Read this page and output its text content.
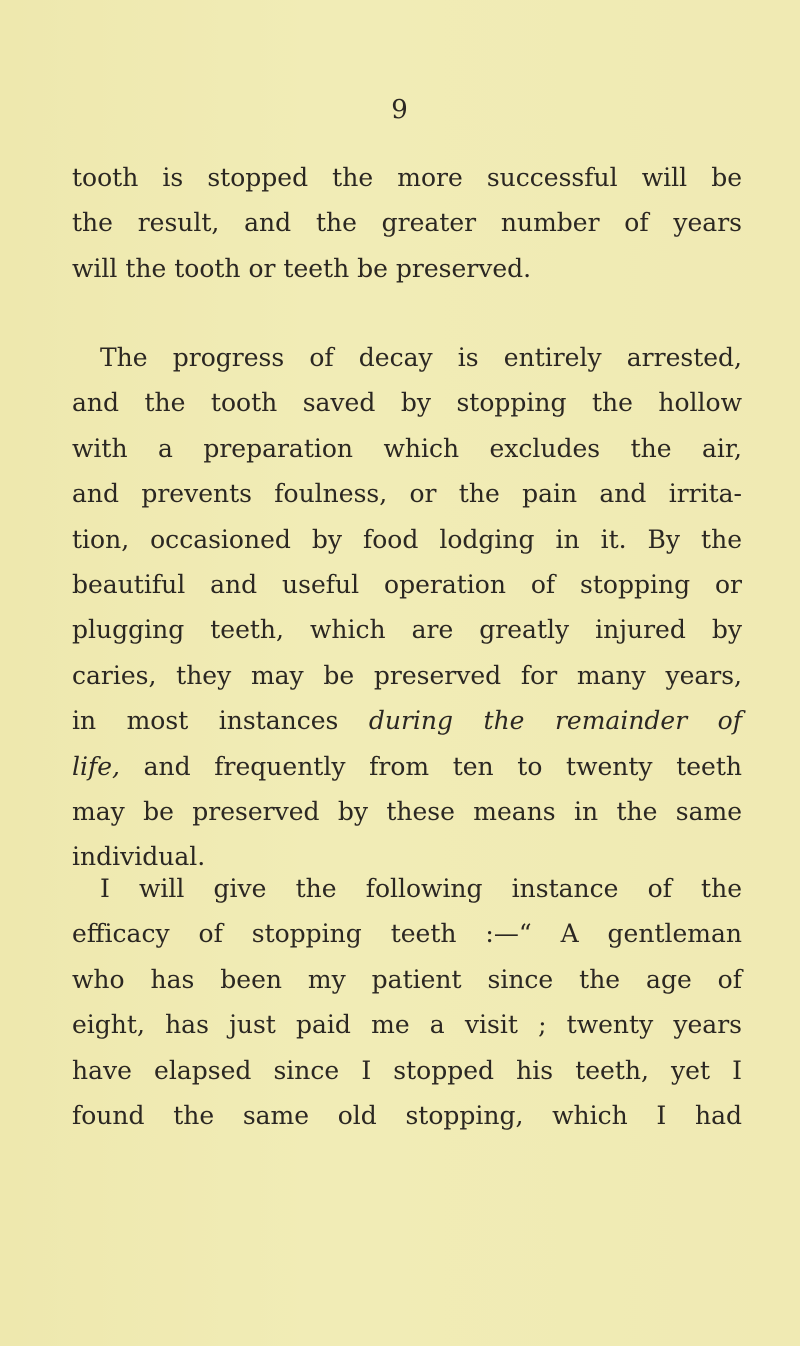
9

tooth is stopped the more successful will be
the result, and the greater number of years
will the tooth or teeth be preserved.

The progress of decay is entirely arrested,
and the tooth saved by stopping the hollow
with a preparation which excludes the air,
and prevents foulness, or the pain and irrita-
tion, occasioned by food lodging in it. By the
beautiful and useful operation of stopping or
plugging teeth, which are greatly injured by
caries, they may be preserved for many years,
in most instances during the remainder of
life, and frequently from ten to twenty teeth
may be preserved by these means in the same
individual.

I will give the following instance of the
efficacy of stopping teeth :—“ A gentleman
who has been my patient since the age of
eight, has just paid me a visit ; twenty years
have elapsed since I stopped his teeth, yet I
found the same old stopping, which I had
